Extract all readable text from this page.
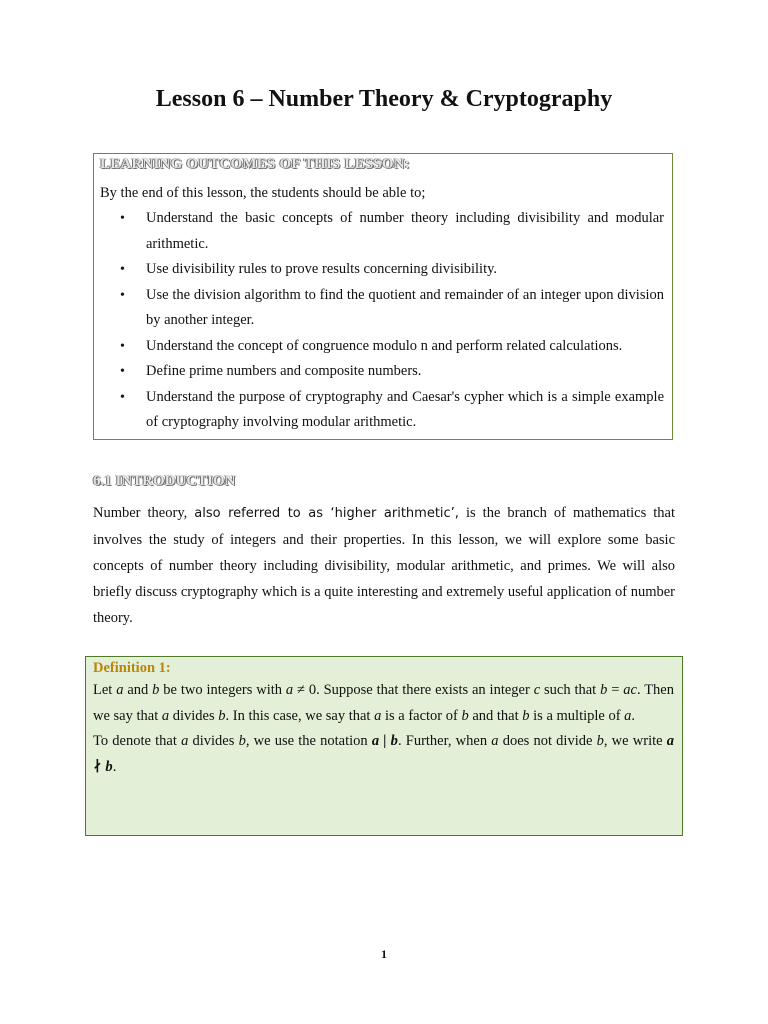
Lesson 6 – Number Theory & Cryptography
LEARNING OUTCOMES OF THIS LESSON:
By the end of this lesson, the students should be able to;
• Understand the basic concepts of number theory including divisibility and modular arithmetic.
• Use divisibility rules to prove results concerning divisibility.
• Use the division algorithm to find the quotient and remainder of an integer upon division by another integer.
• Understand the concept of congruence modulo n and perform related calculations.
• Define prime numbers and composite numbers.
• Understand the purpose of cryptography and Caesar's cypher which is a simple example of cryptography involving modular arithmetic.
6.1 INTRODUCTION

Number theory, also referred to as ‘higher arithmetic’, is the branch of mathematics that involves the study of integers and their properties. In this lesson, we will explore some basic concepts of number theory including divisibility, modular arithmetic, and primes. We will also briefly discuss cryptography which is a quite interesting and extremely useful application of number theory.

Definition 1:

Let a and b be two integers with a ≠ 0. Suppose that there exists an integer c such that b = ac. Then we say that a divides b. In this case, we say that a is a factor of b and that b is a multiple of a.
To denote that a divides b, we use the notation a | b. Further, when a does not divide b, we write a ∤ b.

1
